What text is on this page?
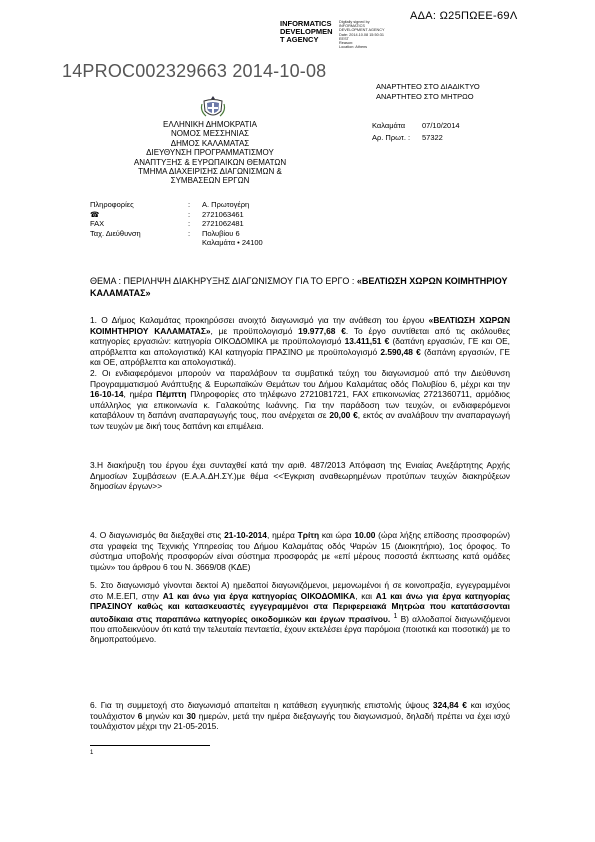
ΑΔΑ: Ω25ΠΩΕΕ-69Λ
INFORMATICS
DEVELOPMEN
T AGENCY
Digitally signed by
INFORMATICS
DEVELOPMENT AGENCY
Date: 2014.10.08 15:50:31
EEST
Reason:
Location: Athens
14PROC002329663 2014-10-08
ΑΝΑΡΤΗΤΕΟ ΣΤΟ ΔΙΑΔΙΚΤΥΟ
ΑΝΑΡΤΗΤΕΟ ΣΤΟ ΜΗΤΡΩΟ
ΕΛΛΗΝΙΚΗ ΔΗΜΟΚΡΑΤΙΑ
ΝΟΜΟΣ ΜΕΣΣΗΝΙΑΣ
ΔΗΜΟΣ ΚΑΛΑΜΑΤΑΣ
ΔΙΕΥΘΥΝΣΗ ΠΡΟΓΡΑΜΜΑΤΙΣΜΟΥ
ΑΝΑΠΤΥΞΗΣ & ΕΥΡΩΠΑΙΚΩΝ ΘΕΜΑΤΩΝ
ΤΜΗΜΑ ΔΙΑΧΕΙΡΙΣΗΣ ΔΙΑΓΩΝΙΣΜΩΝ &
ΣΥΜΒΑΣΕΩΝ ΕΡΓΩΝ
Καλαμάτα	07/10/2014
Αρ. Πρωτ. :	57322
Πληροφορίες	:	Α. Πρωτογέρη
☎	:	2721063461
FAX	:	2721062481
Ταχ. Διεύθυνση	:	Πολυβίου 6
Καλαμάτα • 24100
ΘΕΜΑ : ΠΕΡΙΛΗΨΗ ΔΙΑΚΗΡΥΞΗΣ ΔΙΑΓΩΝΙΣΜΟΥ ΓΙΑ ΤΟ ΕΡΓΟ : «ΒΕΛΤΙΩΣΗ ΧΩΡΩΝ ΚΟΙΜΗΤΗΡΙΟΥ ΚΑΛΑΜΑΤΑΣ»
1. Ο Δήμος Καλαμάτας προκηρύσσει ανοιχτό διαγωνισμό για την ανάθεση του έργου «ΒΕΛΤΙΩΣΗ ΧΩΡΩΝ ΚΟΙΜΗΤΗΡΙΟΥ ΚΑΛΑΜΑΤΑΣ», με προϋπολογισμό 19.977,68 €. Το έργο συντίθεται από τις ακόλουθες κατηγορίες εργασιών: κατηγορία ΟΙΚΟΔΟΜΙΚΑ με προϋπολογισμό 13.411,51 € (δαπάνη εργασιών, ΓΕ και ΟΕ, απρόβλεπτα και απολογιστικά) ΚΑΙ κατηγορία ΠΡΑΣΙΝΟ με προϋπολογισμό 2.590,48 € (δαπάνη εργασιών, ΓΕ και ΟΕ, απρόβλεπτα και απολογιστικά).
2. Οι ενδιαφερόμενοι μπορούν να παραλάβουν τα συμβατικά τεύχη του διαγωνισμού από την Διεύθυνση Προγραμματισμού Ανάπτυξης & Ευρωπαϊκών Θεμάτων του Δήμου Καλαμάτας οδός Πολυβίου 6, μέχρι και την 16-10-14, ημέρα Πέμπτη Πληροφορίες στο τηλέφωνο 2721081721, FAX επικοινωνίας 2721360711, αρμόδιος υπάλληλος για επικοινωνία κ. Γαλακούτης Ιωάννης. Για την παράδοση των τευχών, οι ενδιαφερόμενοι καταβάλουν τη δαπάνη αναπαραγωγής τους, που ανέρχεται σε 20,00 €, εκτός αν αναλάβουν την αναπαραγωγή των τευχών με δική τους δαπάνη και επιμέλεια.
3.Η διακήρυξη του έργου έχει συνταχθεί κατά την αριθ. 487/2013 Απόφαση της Ενιαίας Ανεξάρτητης Αρχής Δημοσίων Συμβάσεων (Ε.Α.Α.ΔΗ.ΣΥ.)με θέμα <<Έγκριση αναθεωρημένων προτύπων τευχών διακηρύξεων δημοσίων έργων>>
4. Ο διαγωνισμός θα διεξαχθεί στις 21-10-2014, ημέρα Τρίτη και ώρα 10.00 (ώρα λήξης επίδοσης προσφορών) στα γραφεία της Τεχνικής Υπηρεσίας του Δήμου Καλαμάτας οδός Ψαρών 15 (Διοικητήριο), 1ος όροφος. Το σύστημα υποβολής προσφορών είναι σύστημα προσφοράς με «επί μέρους ποσοστά έκπτωσης κατά ομάδες τιμών» του άρθρου 6 του Ν. 3669/08 (ΚΔΕ)
5. Στο διαγωνισμό γίνονται δεκτοί Α) ημεδαποί διαγωνιζόμενοι, μεμονωμένοι ή σε κοινοπραξία, εγγεγραμμένοι στο Μ.Ε.ΕΠ, στην Α1 και άνω για έργα κατηγορίας ΟΙΚΟΔΟΜΙΚΑ, και Α1 και άνω για έργα κατηγορίας ΠΡΑΣΙΝΟΥ καθώς και κατασκευαστές εγγεγραμμένοι στα Περιφερειακά Μητρώα που κατατάσσονται αυτοδίκαια στις παραπάνω κατηγορίες οικοδομικών και έργων πρασίνου. $^1$ Β) αλλοδαποί διαγωνιζόμενοι που αποδεικνύουν ότι κατά την τελευταία πενταετία, έχουν εκτελέσει έργα παρόμοια (ποιοτικά και ποσοτικά) με το δημοπρατούμενο.
6. Για τη συμμετοχή στο διαγωνισμό απαιτείται η κατάθεση εγγυητικής επιστολής ύψους 324,84 € και ισχύος τουλάχιστον 6 μηνών και 30 ημερών, μετά την ημέρα διεξαγωγής του διαγωνισμού, δηλαδή πρέπει να έχει ισχύ τουλάχιστον μέχρι την 21-05-2015.
1
